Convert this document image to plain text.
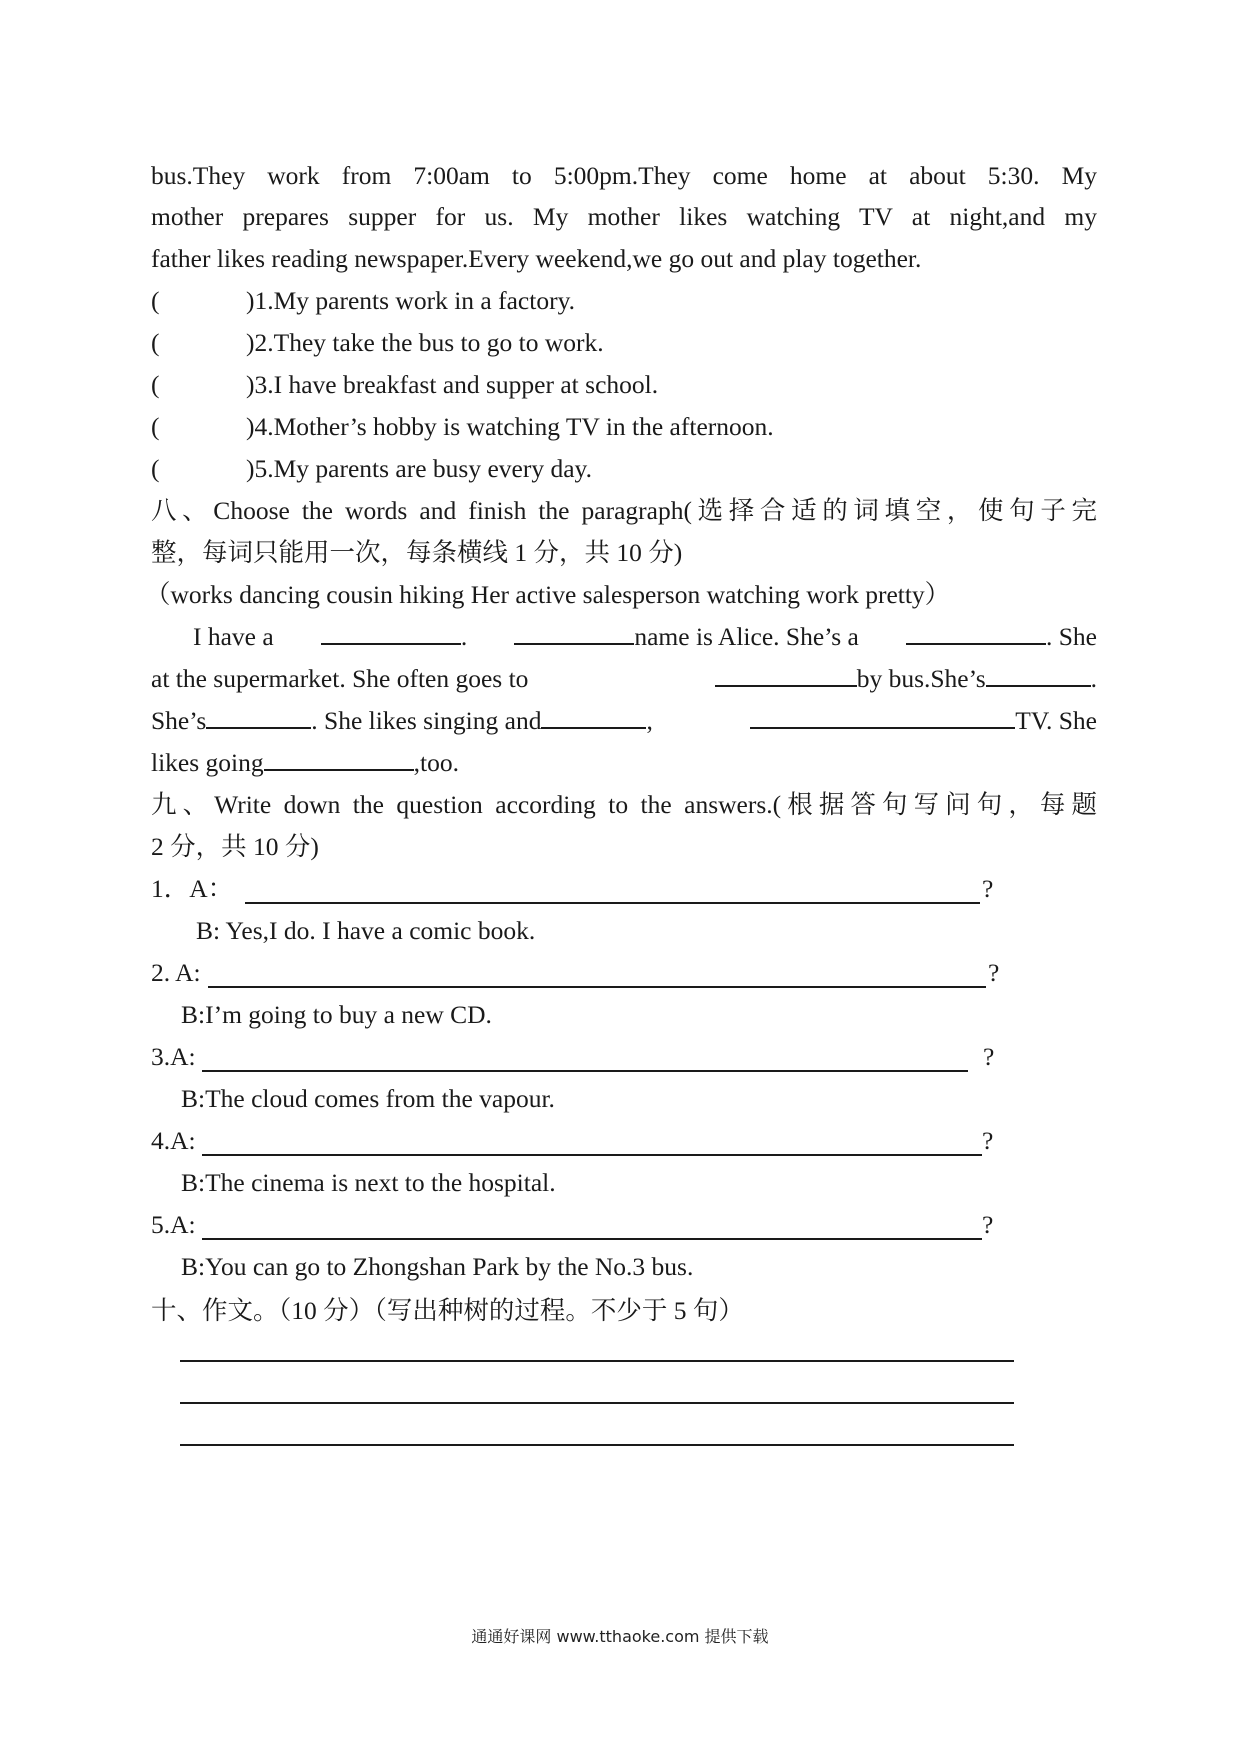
bus.They work from 7:00am to 5:00pm.They come home at about 5:30. My
mother prepares supper for us. My mother likes watching TV at night,and my
father likes reading newspaper.Every weekend,we go out and play together.
(	)1.My parents work in a factory.
(	)2.They take the bus to go to work.
(	)3.I have breakfast and supper at school.
(	)4.Mother’s hobby is watching TV in the afternoon.
(	)5.My parents are busy every day.
八、Choose the words and finish the paragraph(选择合适的词填空，使句子完
整，每词只能用一次，每条横线 1 分，共 10 分)
（works dancing cousin hiking Her active salesperson watching work pretty）
I have a	.	name is Alice. She’s a	. She
at the supermarket. She often goes to	by bus.She’s	.
She’s	. She likes singing and	,	TV. She
likes going	,too.
九、Write down the question according to the answers.(根据答句写问句，每题
2 分，共 10 分)
1．A：	?
B: Yes,I do. I have a comic book.
2. A:	?
B:I’m going to buy a new CD.
3.A:	?
B:The cloud comes from the vapour.
4.A:	?
B:The cinema is next to the hospital.
5.A:	?
B:You can go to Zhongshan Park by the No.3 bus.
十、作文。（10 分）（写出种树的过程。不少于 5 句）
通通好课网 www.tthaoke.com 提供下载
